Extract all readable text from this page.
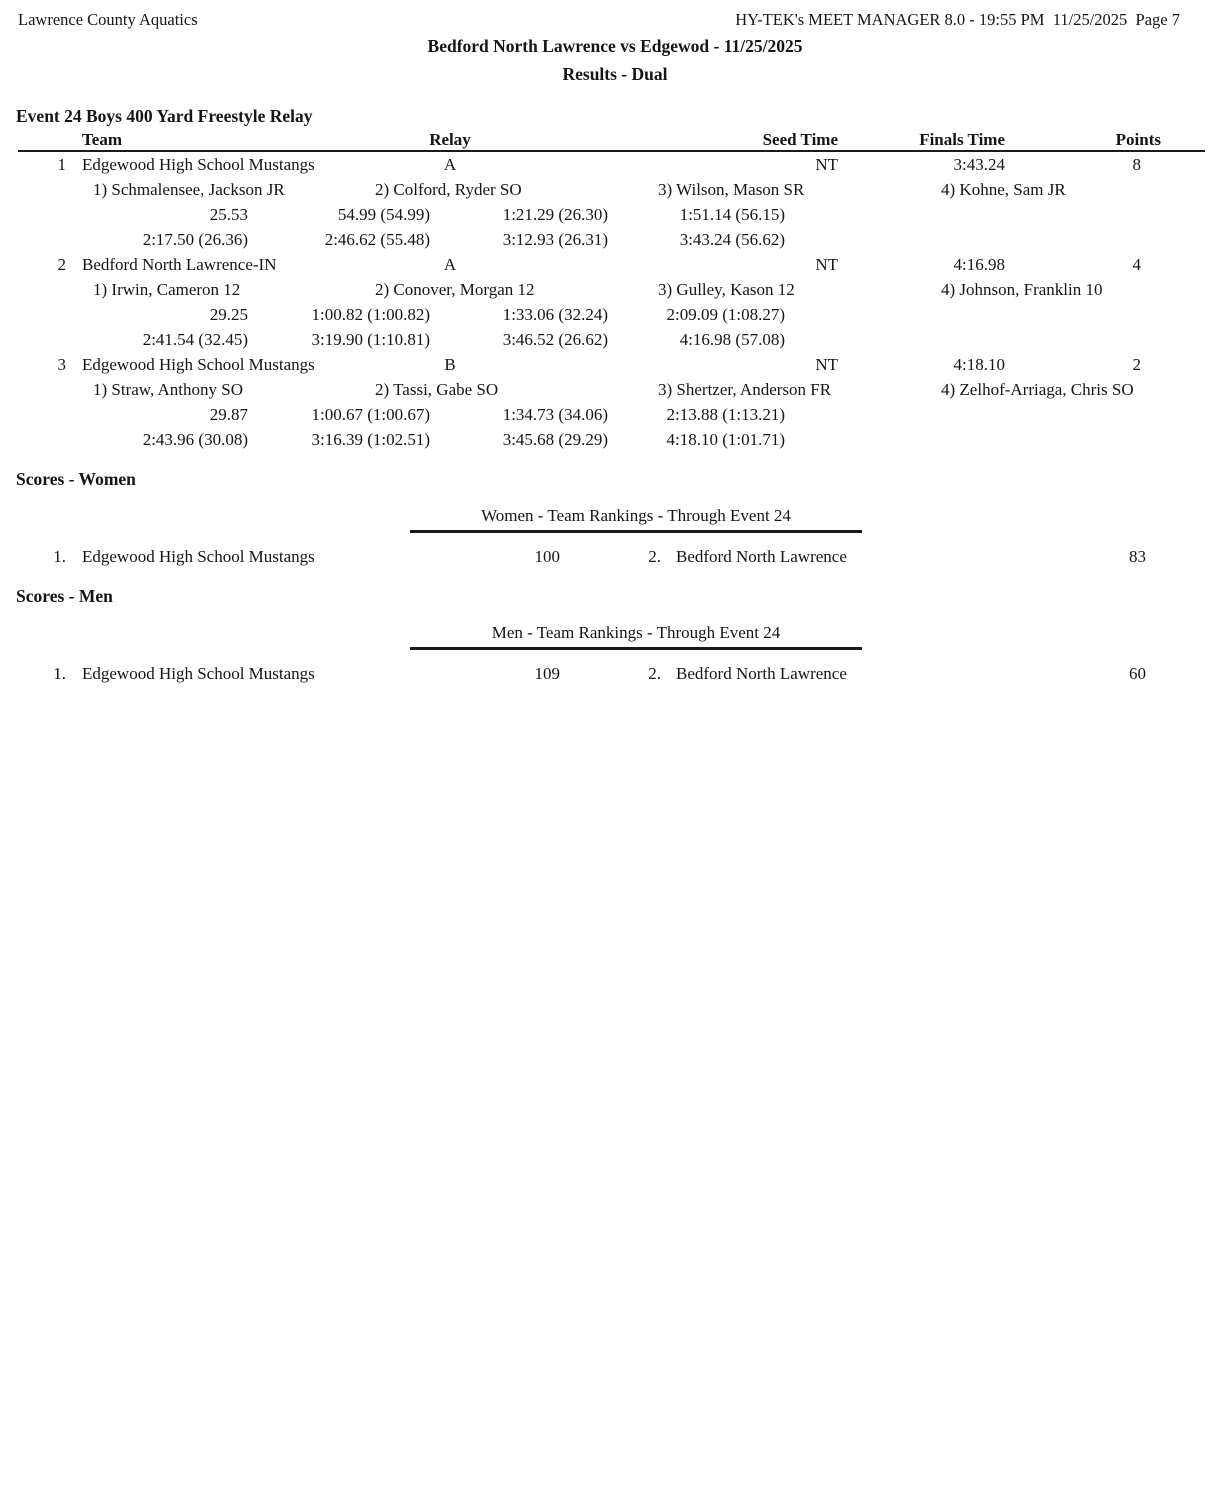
Lawrence County Aquatics	HY-TEK's MEET MANAGER 8.0 - 19:55 PM  11/25/2025  Page 7
Bedford North Lawrence vs Edgewod - 11/25/2025
Results - Dual
Event 24 Boys 400 Yard Freestyle Relay
Team	Relay	Seed Time	Finals Time	Points
1 Edgewood High School Mustangs	A	NT	3:43.24	8
1) Schmalensee, Jackson JR	2) Colford, Ryder SO	3) Wilson, Mason SR	4) Kohne, Sam JR
25.53	54.99 (54.99)	1:21.29 (26.30)	1:51.14 (56.15)
2:17.50 (26.36)	2:46.62 (55.48)	3:12.93 (26.31)	3:43.24 (56.62)
2 Bedford North Lawrence-IN	A	NT	4:16.98	4
1) Irwin, Cameron 12	2) Conover, Morgan 12	3) Gulley, Kason 12	4) Johnson, Franklin 10
29.25	1:00.82 (1:00.82)	1:33.06 (32.24)	2:09.09 (1:08.27)
2:41.54 (32.45)	3:19.90 (1:10.81)	3:46.52 (26.62)	4:16.98 (57.08)
3 Edgewood High School Mustangs	B	NT	4:18.10	2
1) Straw, Anthony SO	2) Tassi, Gabe SO	3) Shertzer, Anderson FR	4) Zelhof-Arriaga, Chris SO
29.87	1:00.67 (1:00.67)	1:34.73 (34.06)	2:13.88 (1:13.21)
2:43.96 (30.08)	3:16.39 (1:02.51)	3:45.68 (29.29)	4:18.10 (1:01.71)
Scores - Women
Women - Team Rankings - Through Event 24
1. Edgewood High School Mustangs	100	2. Bedford North Lawrence	83
Scores - Men
Men - Team Rankings - Through Event 24
1. Edgewood High School Mustangs	109	2. Bedford North Lawrence	60
